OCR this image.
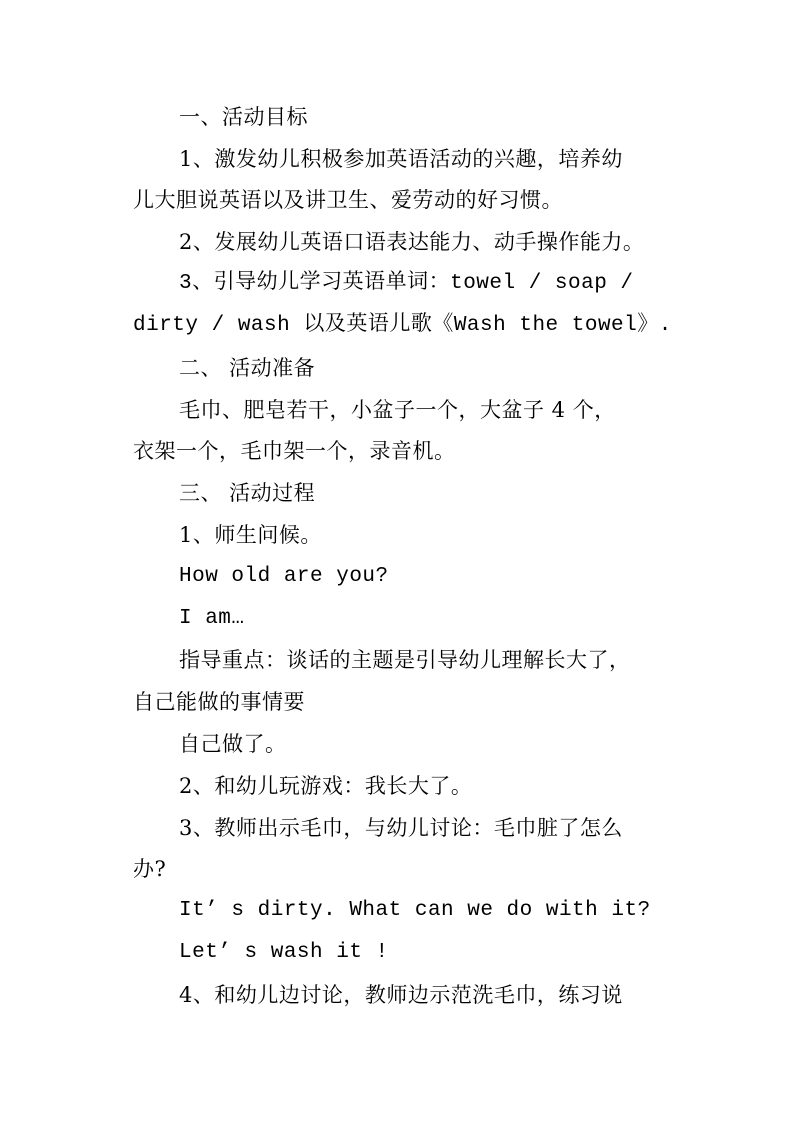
一、活动目标
1、激发幼儿积极参加英语活动的兴趣，培养幼
儿大胆说英语以及讲卫生、爱劳动的好习惯。
2、发展幼儿英语口语表达能力、动手操作能力。
3、引导幼儿学习英语单词：towel / soap /
dirty / wash 以及英语儿歌《Wash the towel》.
二、 活动准备
毛巾、肥皂若干，小盆子一个，大盆子 4 个，
衣架一个，毛巾架一个，录音机。
三、 活动过程
1、师生问候。
How old are you?
I am…
指导重点：谈话的主题是引导幼儿理解长大了，
自己能做的事情要
自己做了。
2、和幼儿玩游戏：我长大了。
3、教师出示毛巾，与幼儿讨论：毛巾脏了怎么
办?
It’ s dirty. What can we do with it?
Let’ s wash it !
4、和幼儿边讨论，教师边示范洗毛巾，练习说
